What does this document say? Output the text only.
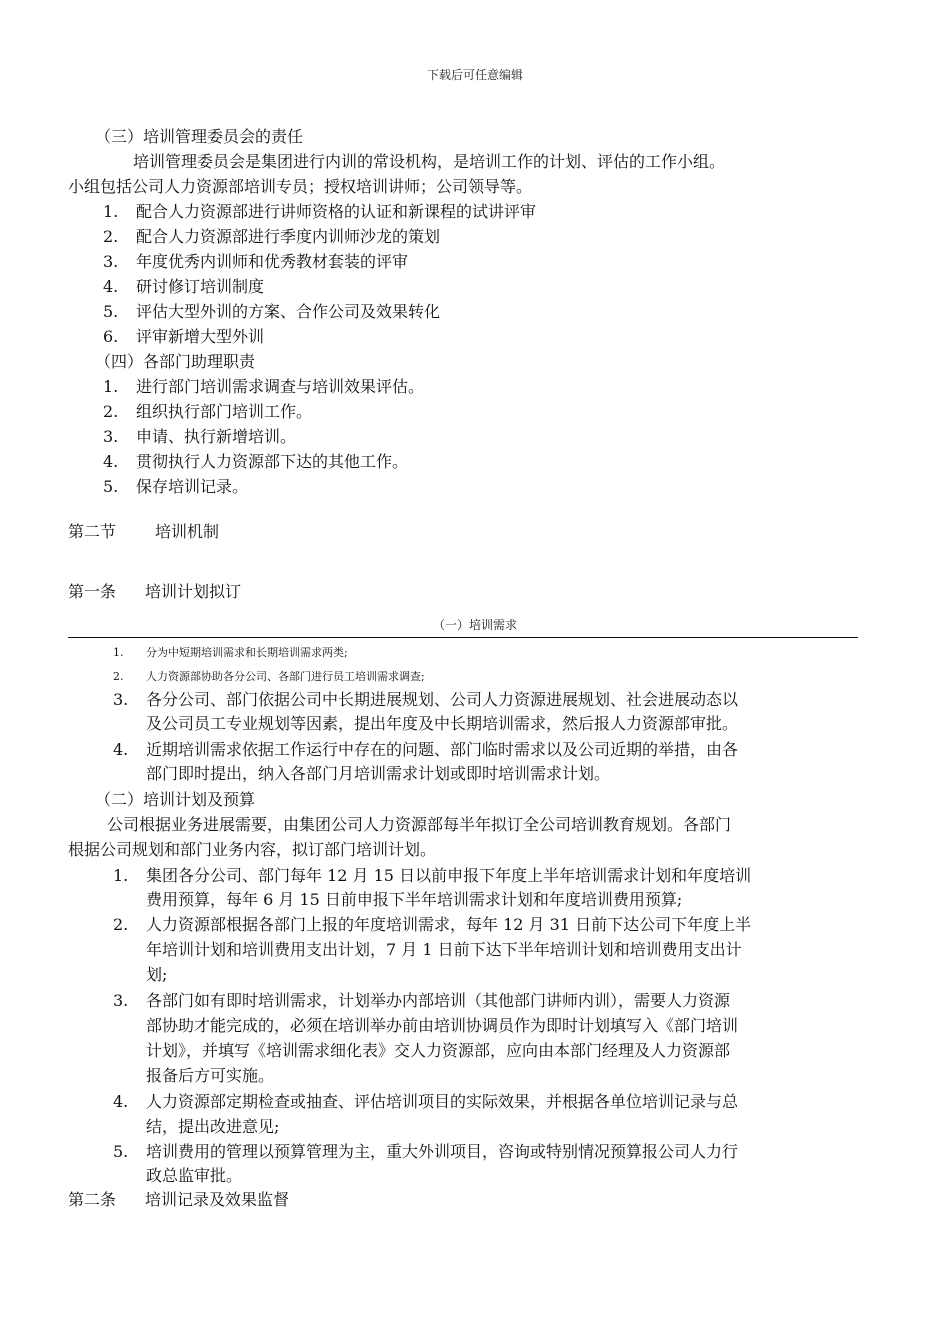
下载后可任意编辑
（三）培训管理委员会的责任
培训管理委员会是集团进行内训的常设机构，是培训工作的计划、评估的工作小组。
小组包括公司人力资源部培训专员；授权培训讲师；公司领导等。
1. 配合人力资源部进行讲师资格的认证和新课程的试讲评审
2. 配合人力资源部进行季度内训师沙龙的策划
3. 年度优秀内训师和优秀教材套装的评审
4. 研讨修订培训制度
5. 评估大型外训的方案、合作公司及效果转化
6. 评审新增大型外训
（四）各部门助理职责
1. 进行部门培训需求调查与培训效果评估。
2. 组织执行部门培训工作。
3. 申请、执行新增培训。
4. 贯彻执行人力资源部下达的其他工作。
5. 保存培训记录。
第二节 培训机制
第一条 培训计划拟订
（一）培训需求
1. 分为中短期培训需求和长期培训需求两类;
2. 人力资源部协助各分公司、各部门进行员工培训需求调查;
3. 各分公司、部门依据公司中长期进展规划、公司人力资源进展规划、社会进展动态以
及公司员工专业规划等因素，提出年度及中长期培训需求，然后报人力资源部审批。
4. 近期培训需求依据工作运行中存在的问题、部门临时需求以及公司近期的举措，由各
部门即时提出，纳入各部门月培训需求计划或即时培训需求计划。
（二）培训计划及预算
公司根据业务进展需要，由集团公司人力资源部每半年拟订全公司培训教育规划。各部门
根据公司规划和部门业务内容，拟订部门培训计划。
1. 集团各分公司、部门每年 12 月 15 日以前申报下年度上半年培训需求计划和年度培训
费用预算，每年 6 月 15 日前申报下半年培训需求计划和年度培训费用预算;
2. 人力资源部根据各部门上报的年度培训需求，每年 12 月 31 日前下达公司下年度上半
年培训计划和培训费用支出计划，7 月 1 日前下达下半年培训计划和培训费用支出计
划;
3. 各部门如有即时培训需求，计划举办内部培训（其他部门讲师内训），需要人力资源
部协助才能完成的，必须在培训举办前由培训协调员作为即时计划填写入《部门培训
计划》，并填写《培训需求细化表》交人力资源部，应向由本部门经理及人力资源部
报备后方可实施。
4. 人力资源部定期检查或抽查、评估培训项目的实际效果，并根据各单位培训记录与总
结，提出改进意见;
5. 培训费用的管理以预算管理为主，重大外训项目，咨询或特别情况预算报公司人力行
政总监审批。
第二条 培训记录及效果监督
